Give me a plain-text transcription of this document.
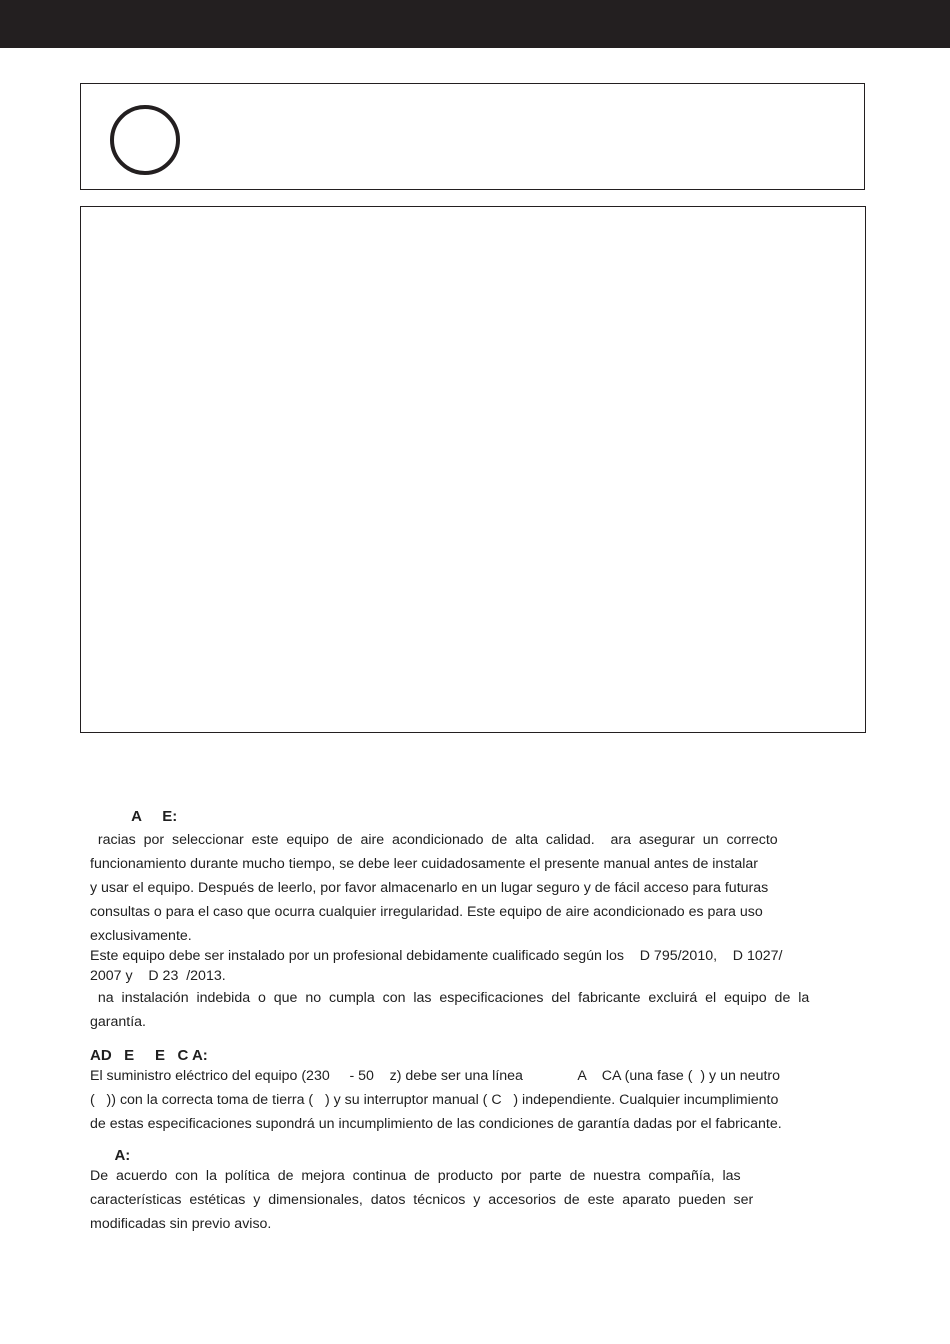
A     E:

racias  por  seleccionar  este  equipo  de  aire  acondicionado  de  alta  calidad.    ara  asegurar  un  correcto
funcionamiento durante mucho tiempo, se debe leer cuidadosamente el presente manual antes de instalar
y usar el equipo. Después de leerlo, por favor almacenarlo en un lugar seguro y de fácil acceso para futuras
consultas o para el caso que ocurra cualquier irregularidad. Este equipo de aire acondicionado es para uso
exclusivamente.
Este equipo debe ser instalado por un profesional debidamente cualificado según los    D 795/2010,    D 1027/
2007 y    D 23  /2013.
na  instalación  indebida  o  que  no  cumpla  con  las  especificaciones  del  fabricante  excluirá  el  equipo  de  la
garantía.

AD   E     E   C A:

El suministro eléctrico del equipo (230     - 50    z) debe ser una línea              A    CA (una fase (  ) y un neutro
(   )) con la correcta toma de tierra (   ) y su interruptor manual ( C   ) independiente. Cualquier incumplimiento
de estas especificaciones supondrá un incumplimiento de las condiciones de garantía dadas por el fabricante.

A:

De  acuerdo  con  la  política  de  mejora  continua  de  producto  por  parte  de  nuestra  compañía,  las
características  estéticas  y  dimensionales,  datos  técnicos  y  accesorios  de  este  aparato  pueden  ser
modificadas sin previo aviso.
